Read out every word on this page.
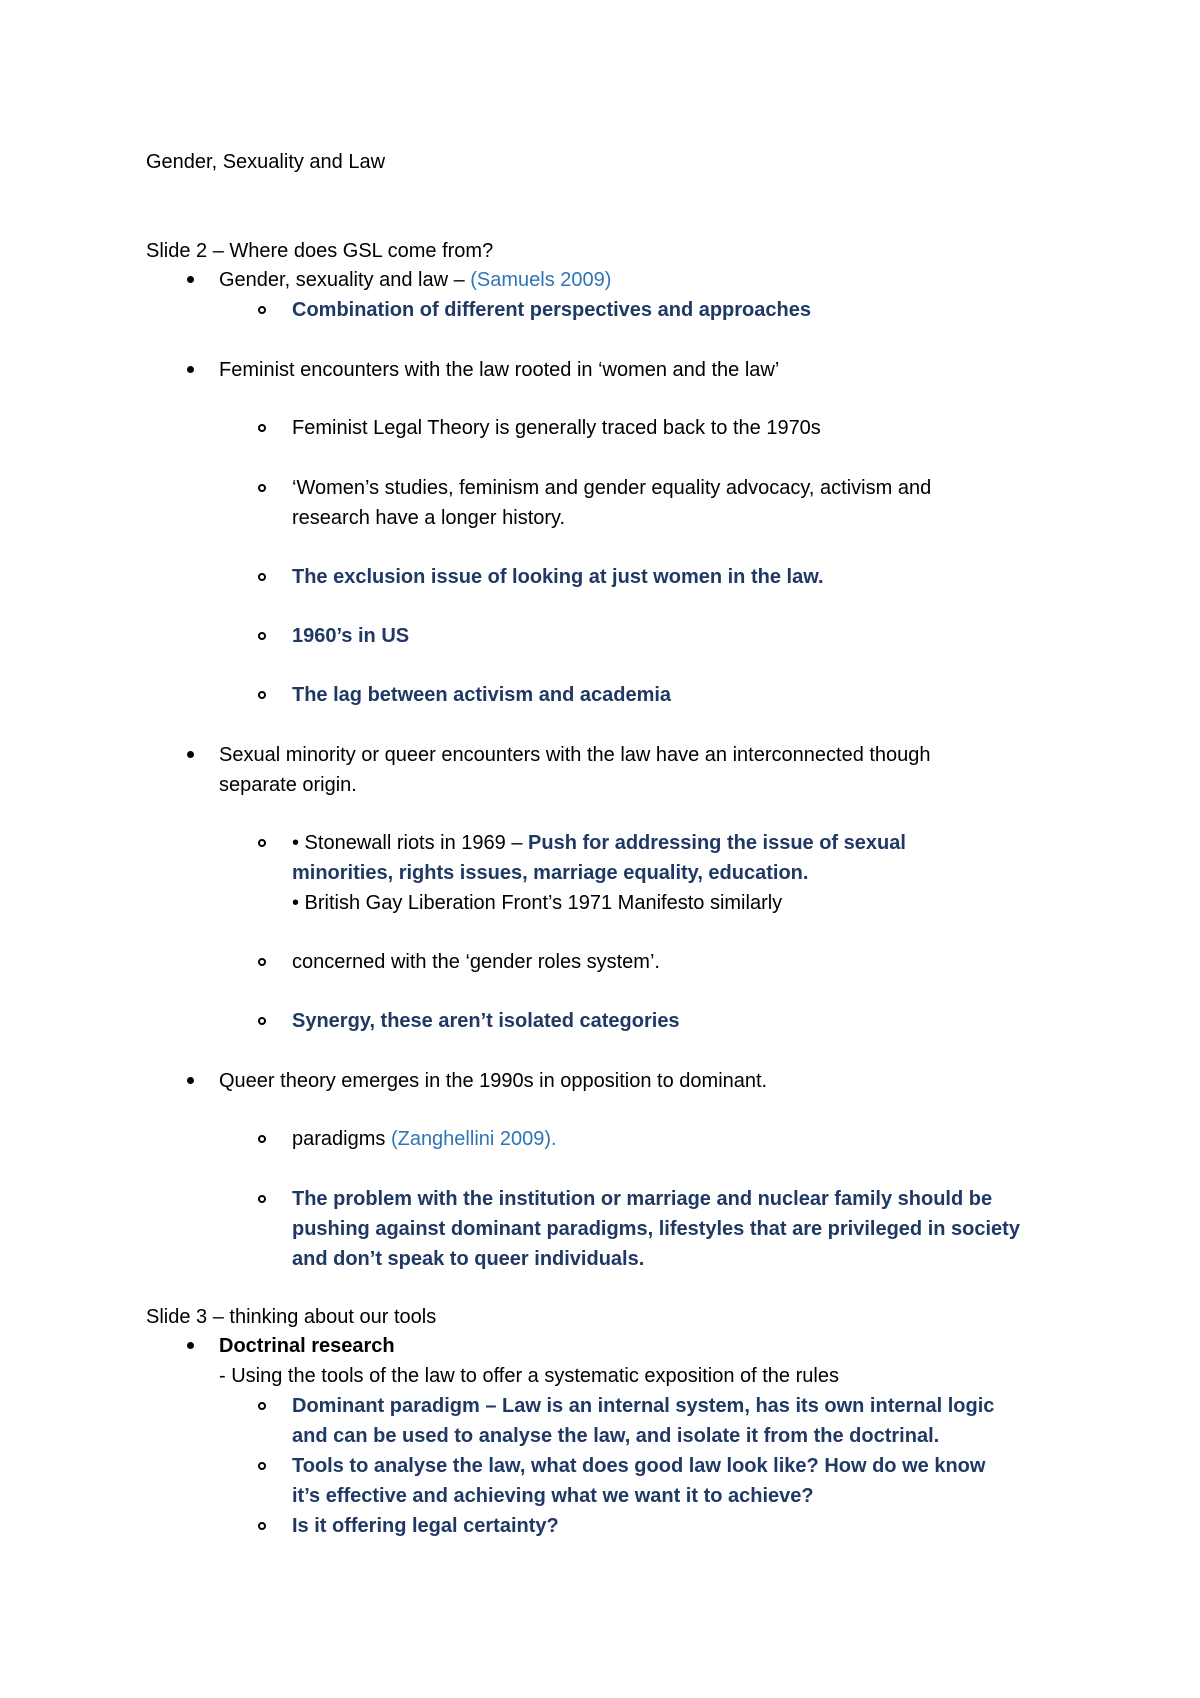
Gender, Sexuality and Law
Slide 2 – Where does GSL come from?
Gender, sexuality and law – (Samuels 2009)
Combination of different perspectives and approaches
Feminist encounters with the law rooted in ‘women and the law’
Feminist Legal Theory is generally traced back to the 1970s
‘Women’s studies, feminism and gender equality advocacy, activism and
research have a longer history.
The exclusion issue of looking at just women in the law.
1960’s in US
The lag between activism and academia
Sexual minority or queer encounters with the law have an interconnected though
separate origin.
• Stonewall riots in 1969 – Push for addressing the issue of sexual
minorities, rights issues, marriage equality, education.
• British Gay Liberation Front’s 1971 Manifesto similarly
concerned with the ‘gender roles system’.
Synergy, these aren’t isolated categories
Queer theory emerges in the 1990s in opposition to dominant.
paradigms (Zanghellini 2009).
The problem with the institution or marriage and nuclear family should be
pushing against dominant paradigms, lifestyles that are privileged in society
and don’t speak to queer individuals.
Slide 3 – thinking about our tools
Doctrinal research
- Using the tools of the law to offer a systematic exposition of the rules
Dominant paradigm – Law is an internal system, has its own internal logic
and can be used to analyse the law, and isolate it from the doctrinal.
Tools to analyse the law, what does good law look like? How do we know
it’s effective and achieving what we want it to achieve?
Is it offering legal certainty?
